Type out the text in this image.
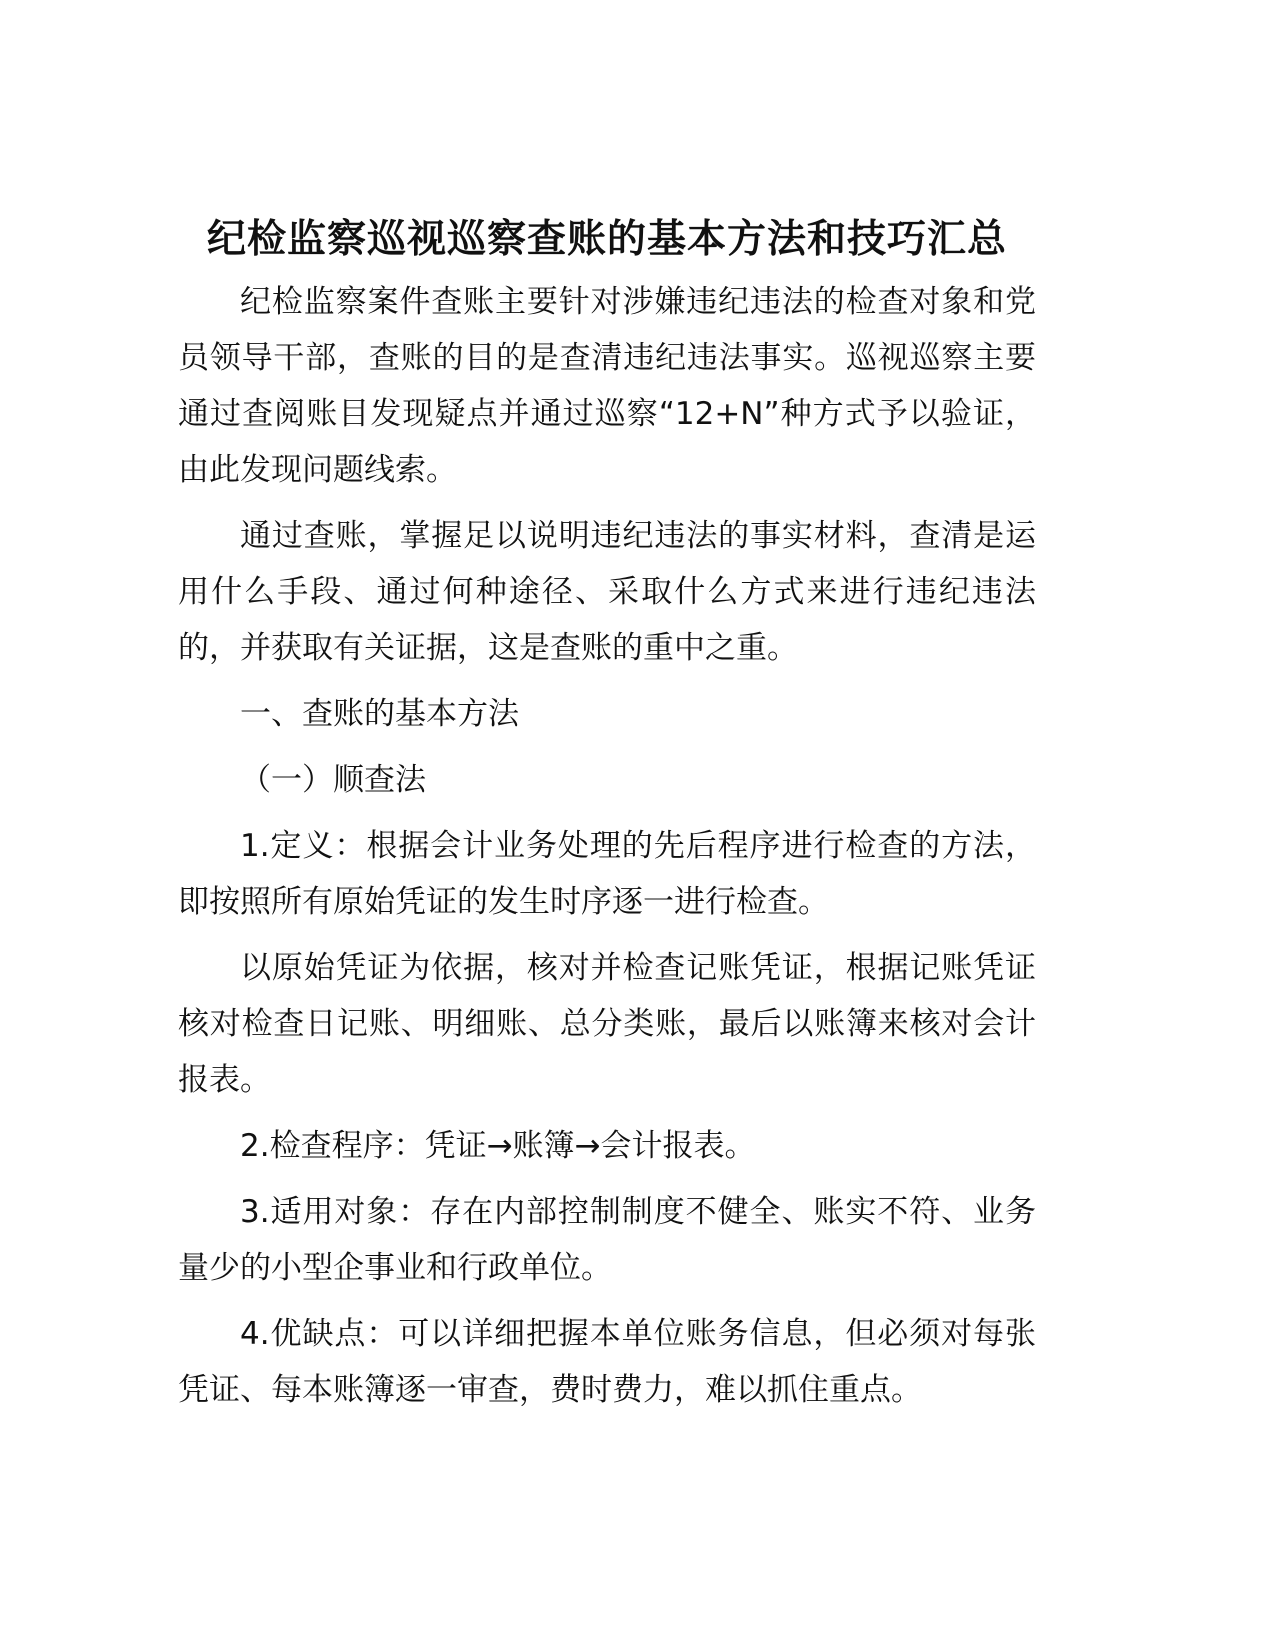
纪检监察巡视巡察查账的基本方法和技巧汇总

纪检监察案件查账主要针对涉嫌违纪违法的检查对象和党员领导干部，查账的目的是查清违纪违法事实。巡视巡察主要通过查阅账目发现疑点并通过巡察“12+N”种方式予以验证，由此发现问题线索。

通过查账，掌握足以说明违纪违法的事实材料，查清是运用什么手段、通过何种途径、采取什么方式来进行违纪违法的，并获取有关证据，这是查账的重中之重。

一、查账的基本方法

（一）顺查法

1.定义：根据会计业务处理的先后程序进行检查的方法，即按照所有原始凭证的发生时序逐一进行检查。

以原始凭证为依据，核对并检查记账凭证，根据记账凭证核对检查日记账、明细账、总分类账，最后以账簿来核对会计报表。

2.检查程序：凭证→账簿→会计报表。

3.适用对象：存在内部控制制度不健全、账实不符、业务量少的小型企事业和行政单位。

4.优缺点：可以详细把握本单位账务信息，但必须对每张凭证、每本账簿逐一审查，费时费力，难以抓住重点。
